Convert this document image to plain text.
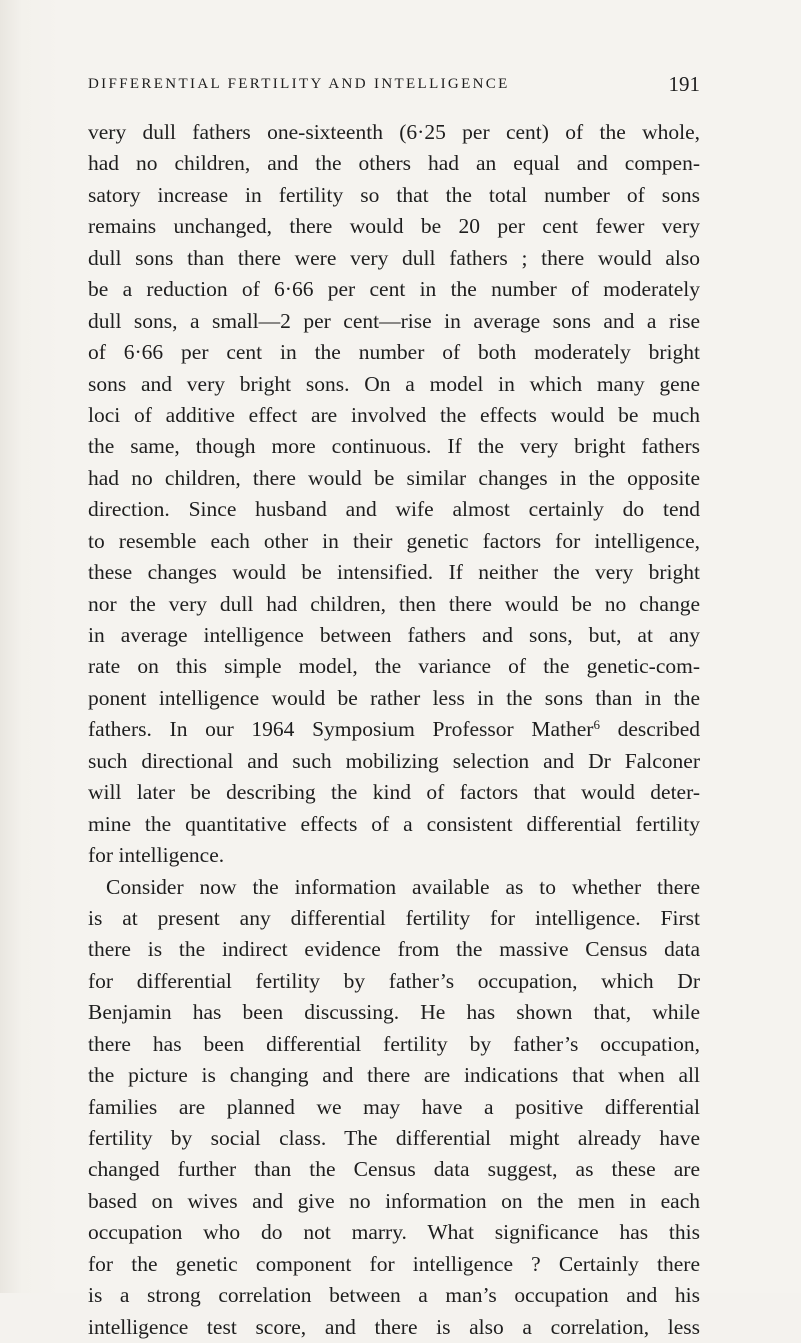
DIFFERENTIAL FERTILITY AND INTELLIGENCE	191
very dull fathers one-sixteenth (6·25 per cent) of the whole,
had no children, and the others had an equal and compen-
satory increase in fertility so that the total number of sons
remains unchanged, there would be 20 per cent fewer very
dull sons than there were very dull fathers ; there would also
be a reduction of 6·66 per cent in the number of moderately
dull sons, a small—2 per cent—rise in average sons and a rise
of 6·66 per cent in the number of both moderately bright
sons and very bright sons. On a model in which many gene
loci of additive effect are involved the effects would be much
the same, though more continuous. If the very bright fathers
had no children, there would be similar changes in the opposite
direction. Since husband and wife almost certainly do tend
to resemble each other in their genetic factors for intelligence,
these changes would be intensified. If neither the very bright
nor the very dull had children, then there would be no change
in average intelligence between fathers and sons, but, at any
rate on this simple model, the variance of the genetic-com-
ponent intelligence would be rather less in the sons than in the
fathers. In our 1964 Symposium Professor Mather$^6$ described
such directional and such mobilizing selection and Dr Falconer
will later be describing the kind of factors that would deter-
mine the quantitative effects of a consistent differential fertility
for intelligence.
Consider now the information available as to whether there
is at present any differential fertility for intelligence. First
there is the indirect evidence from the massive Census data
for differential fertility by father’s occupation, which Dr
Benjamin has been discussing. He has shown that, while
there has been differential fertility by father’s occupation,
the picture is changing and there are indications that when all
families are planned we may have a positive differential
fertility by social class. The differential might already have
changed further than the Census data suggest, as these are
based on wives and give no information on the men in each
occupation who do not marry. What significance has this
for the genetic component for intelligence ? Certainly there
is a strong correlation between a man’s occupation and his
intelligence test score, and there is also a correlation, less
